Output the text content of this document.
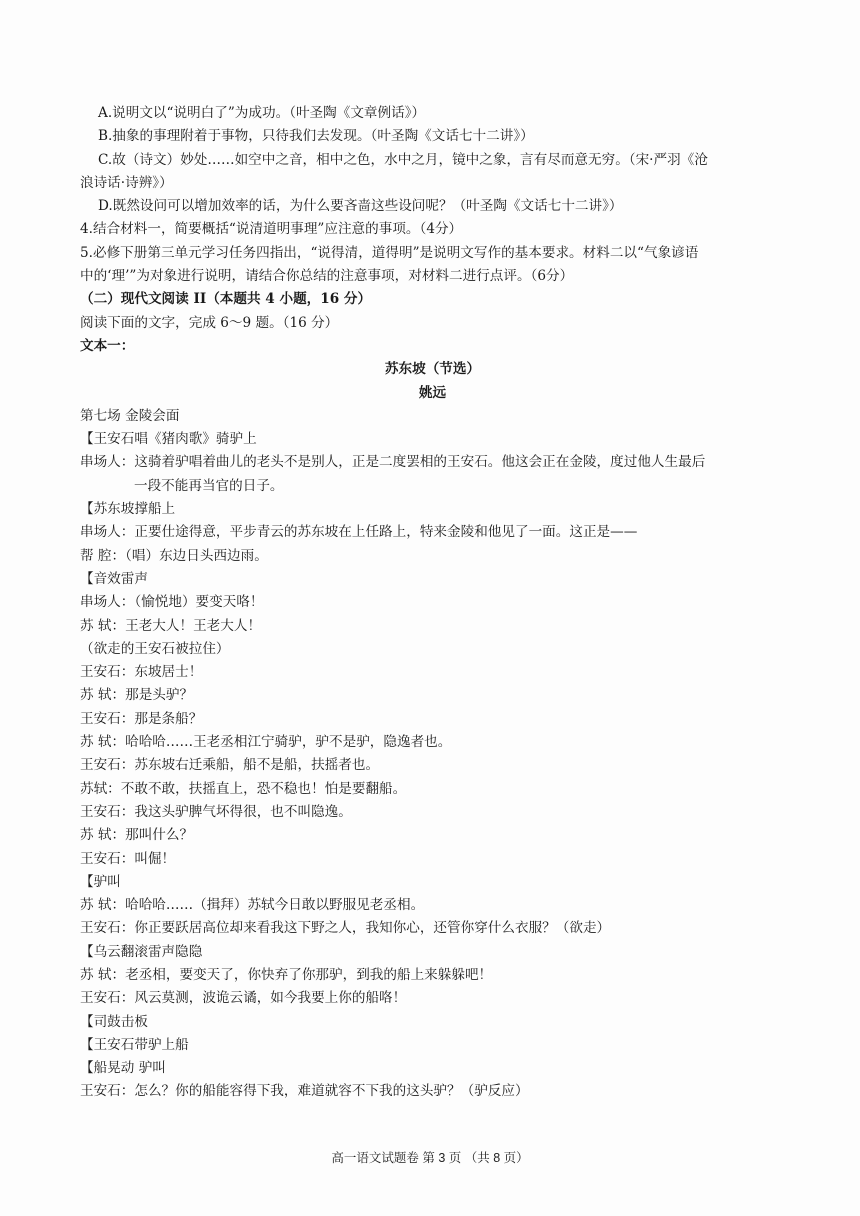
A.说明文以“说明白了”为成功。（叶圣陶《文章例话》）
B.抽象的事理附着于事物，只待我们去发现。（叶圣陶《文话七十二讲》）
C.故（诗文）妙处……如空中之音，相中之色，水中之月，镜中之象，言有尽而意无穷。（宋·严羽《沧
浪诗话·诗辨》）
D.既然设问可以增加效率的话，为什么要吝啬这些设问呢？（叶圣陶《文话七十二讲》）
4.结合材料一，简要概括“说清道明事理”应注意的事项。（4分）
5.必修下册第三单元学习任务四指出，“说得清，道得明”是说明文写作的基本要求。材料二以“气象谚语
中的‘理’”为对象进行说明，请结合你总结的注意事项，对材料二进行点评。（6分）
（二）现代文阅读 II（本题共 4 小题，16 分）
阅读下面的文字，完成 6～9 题。（16 分）
文本一：
苏东坡（节选）
姚远
第七场 金陵会面
【王安石唱《猪肉歌》骑驴上
串场人：这骑着驴唱着曲儿的老头不是别人，正是二度罢相的王安石。他这会正在金陵，度过他人生最后
一段不能再当官的日子。
【苏东坡撑船上
串场人：正要仕途得意，平步青云的苏东坡在上任路上，特来金陵和他见了一面。这正是——
帮 腔：（唱）东边日头西边雨。
【音效雷声
串场人：（愉悦地）要变天咯！
苏 轼：王老大人！王老大人！
（欲走的王安石被拉住）
王安石：东坡居士！
苏 轼：那是头驴？
王安石：那是条船？
苏 轼：哈哈哈……王老丞相江宁骑驴，驴不是驴，隐逸者也。
王安石：苏东坡右迁乘船，船不是船，扶摇者也。
苏轼：不敢不敢，扶摇直上，恐不稳也！怕是要翻船。
王安石：我这头驴脾气坏得很，也不叫隐逸。
苏 轼：那叫什么？
王安石：叫倔！
【驴叫
苏 轼：哈哈哈……（揖拜）苏轼今日敢以野服见老丞相。
王安石：你正要跃居高位却来看我这下野之人，我知你心，还管你穿什么衣服？（欲走）
【乌云翻滚雷声隐隐
苏 轼：老丞相，要变天了，你快弃了你那驴，到我的船上来躲躲吧！
王安石：风云莫测，波诡云谲，如今我要上你的船咯！
【司鼓击板
【王安石带驴上船
【船晃动 驴叫
王安石：怎么？你的船能容得下我，难道就容不下我的这头驴？（驴反应）
高一语文试题卷 第 3 页 （共 8 页）
